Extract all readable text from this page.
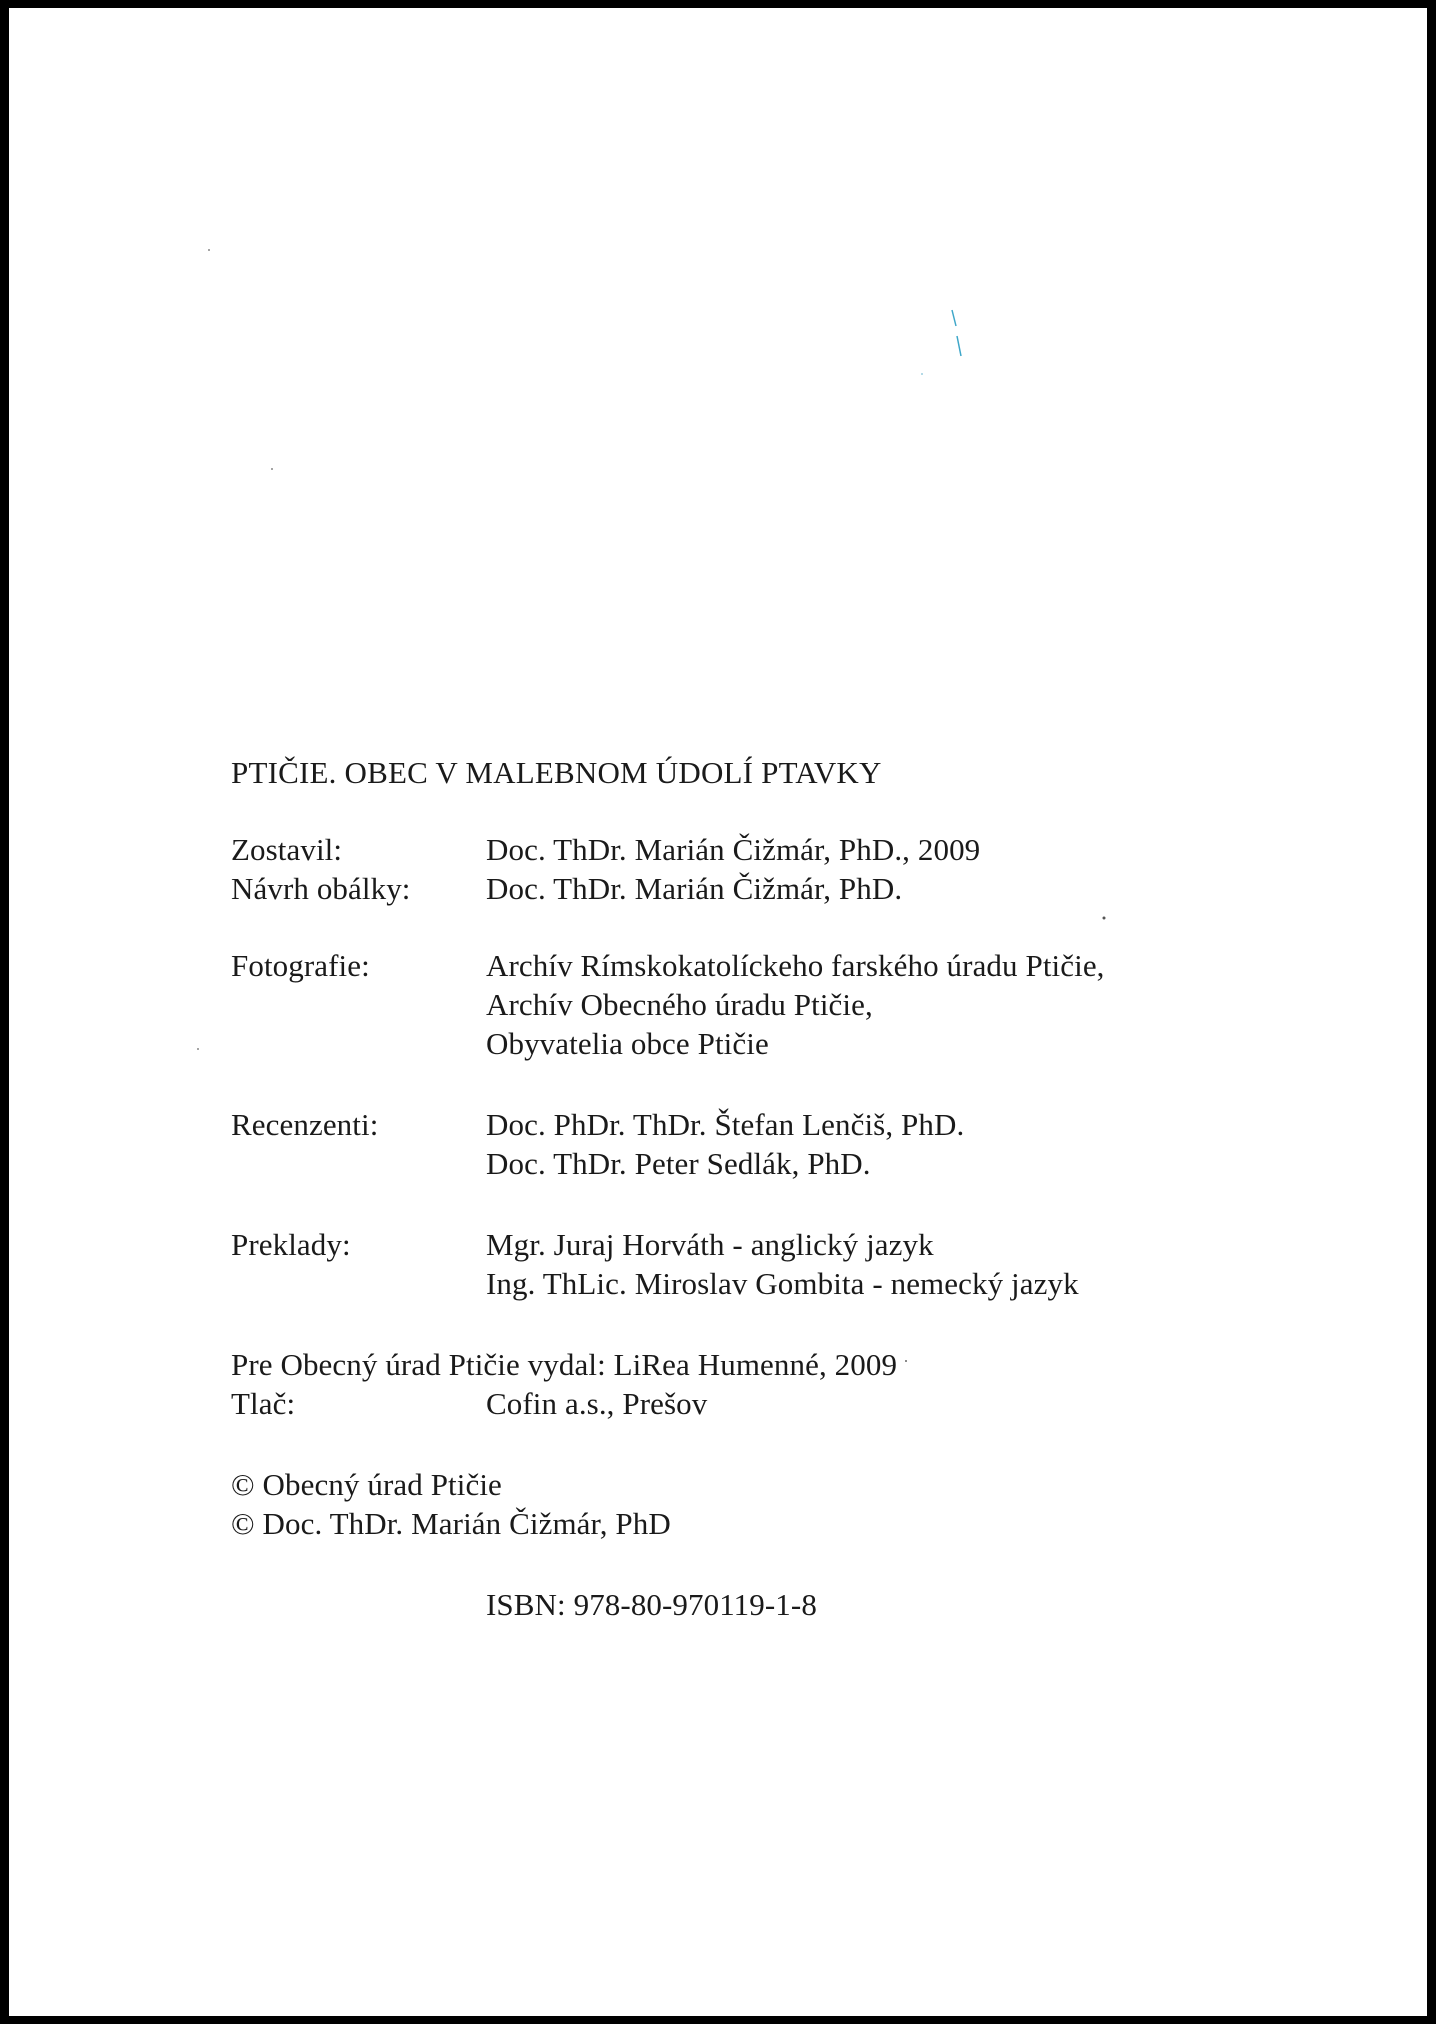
PTIČIE. OBEC V MALEBNOM ÚDOLÍ PTAVKY
Zostavil:	Doc. ThDr. Marián Čižmár, PhD., 2009
Návrh obálky:	Doc. ThDr. Marián Čižmár, PhD.
Fotografie:	Archív Rímskokatolíckeho farského úradu Ptičie,
Archív Obecného úradu Ptičie,
Obyvatelia obce Ptičie
Recenzenti:	Doc. PhDr. ThDr. Štefan Lenčiš, PhD.
Doc. ThDr. Peter Sedlák, PhD.
Preklady:	Mgr. Juraj Horváth - anglický jazyk
Ing. ThLic. Miroslav Gombita - nemecký jazyk
Pre Obecný úrad Ptičie vydal: LiRea Humenné, 2009
Tlač:	Cofin a.s., Prešov
© Obecný úrad Ptičie
© Doc. ThDr. Marián Čižmár, PhD
ISBN: 978-80-970119-1-8
